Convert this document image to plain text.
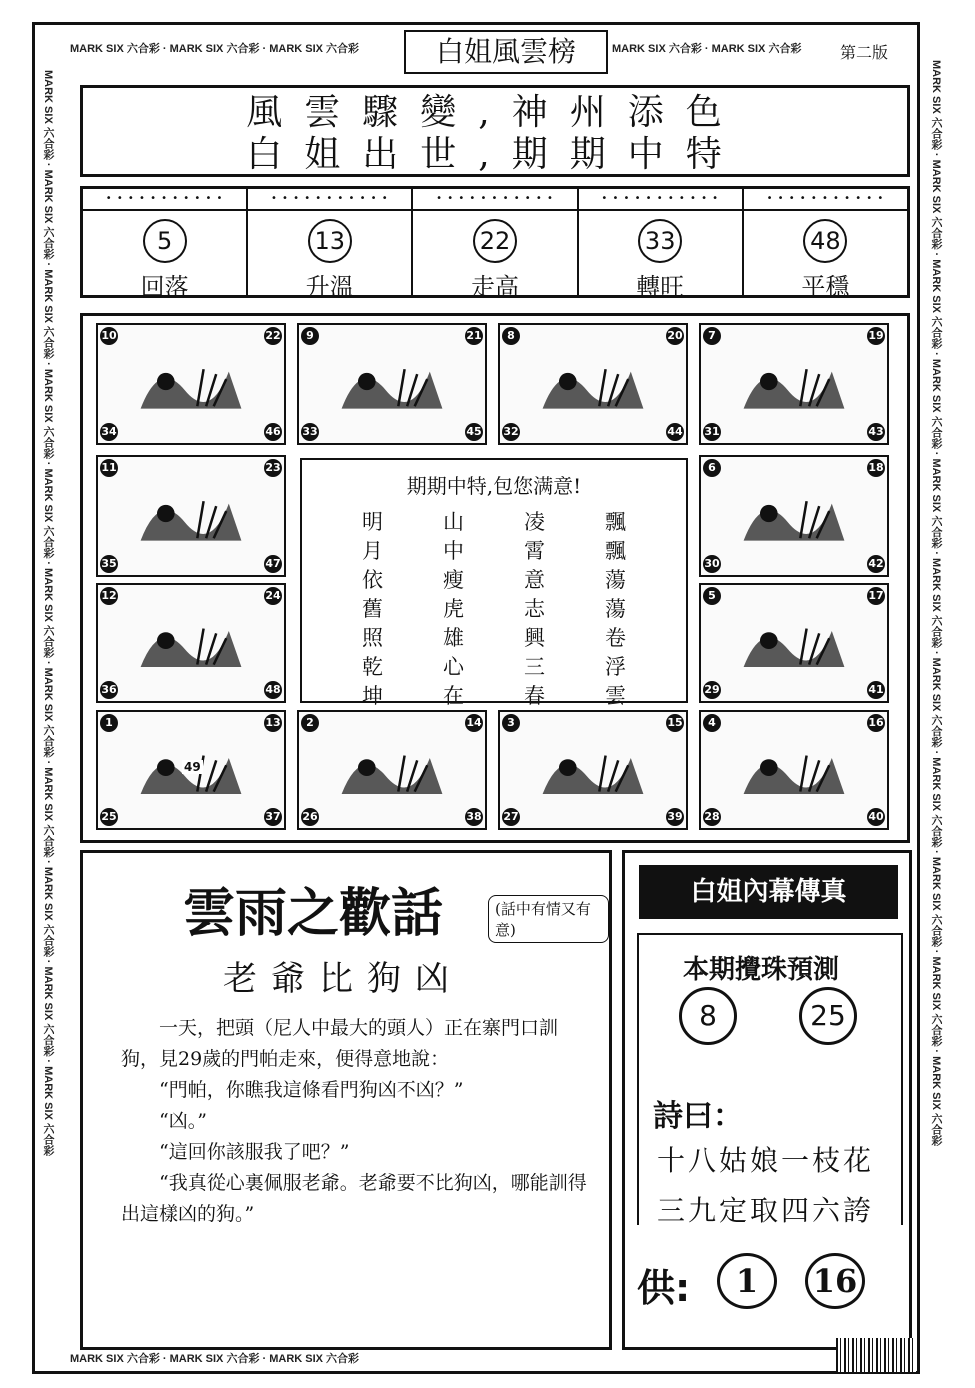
MARK SIX 六合彩 · MARK SIX 六合彩 · MARK SIX 六合彩	MARK SIX 六合彩 · MARK SIX 六合彩
白姐風雲榜	第二版
MARK SIX 六合彩 · MARK SIX 六合彩 · MARK SIX 六合彩 · MARK SIX 六合彩 · MARK SIX 六合彩 · MARK SIX 六合彩 · MARK SIX 六合彩 · MARK SIX 六合彩 · MARK SIX 六合彩 · MARK SIX 六合彩 · MARK SIX 六合彩	MARK SIX 六合彩 · MARK SIX 六合彩 · MARK SIX 六合彩 · MARK SIX 六合彩 · MARK SIX 六合彩 · MARK SIX 六合彩 · MARK SIX 六合彩 · MARK SIX 六合彩 · MARK SIX 六合彩 · MARK SIX 六合彩 · MARK SIX 六合彩
風雲驟變,神州添色
白姐出世,期期中特
• • • • • • • • • • •
5
回落
• • • • • • • • • • •
13
升溫
• • • • • • • • • • •
22
走高
• • • • • • • • • • •
33
轉旺
• • • • • • • • • • •
48
平穩
10	22
34	46
9	21
33	45
8	20
32	44
7	19
31	43
11	23
35	47
6	18
30	42
12	24
36	48
5	17
29	41
1	13
25	37
49
2	14
26	38
3	15
27	39
4	16
28	40
期期中特,包您满意!
明	山	凌	飄
月	中	霄	飄
依	瘦	意	蕩
舊	虎	志	蕩
照	雄	興	卷
乾	心	三	浮
坤	在	春	雲
雲雨之歡話	(話中有情又有意)
老爺比狗凶

　　一天，把頭（尼人中最大的頭人）正在寨門口訓狗，見29歲的門帕走來，便得意地說：

　　“門帕，你瞧我這條看門狗凶不凶？”

　　“凶。”

　　“這回你該服我了吧？”

　　“我真從心裏佩服老爺。老爺要不比狗凶，哪能訓得出這樣凶的狗。”

白姐內幕傳真
本期攪珠預測
8	25
詩曰：
十八姑娘一枝花
三九定取四六誇
供:	1	16
MARK SIX 六合彩 · MARK SIX 六合彩 · MARK SIX 六合彩
